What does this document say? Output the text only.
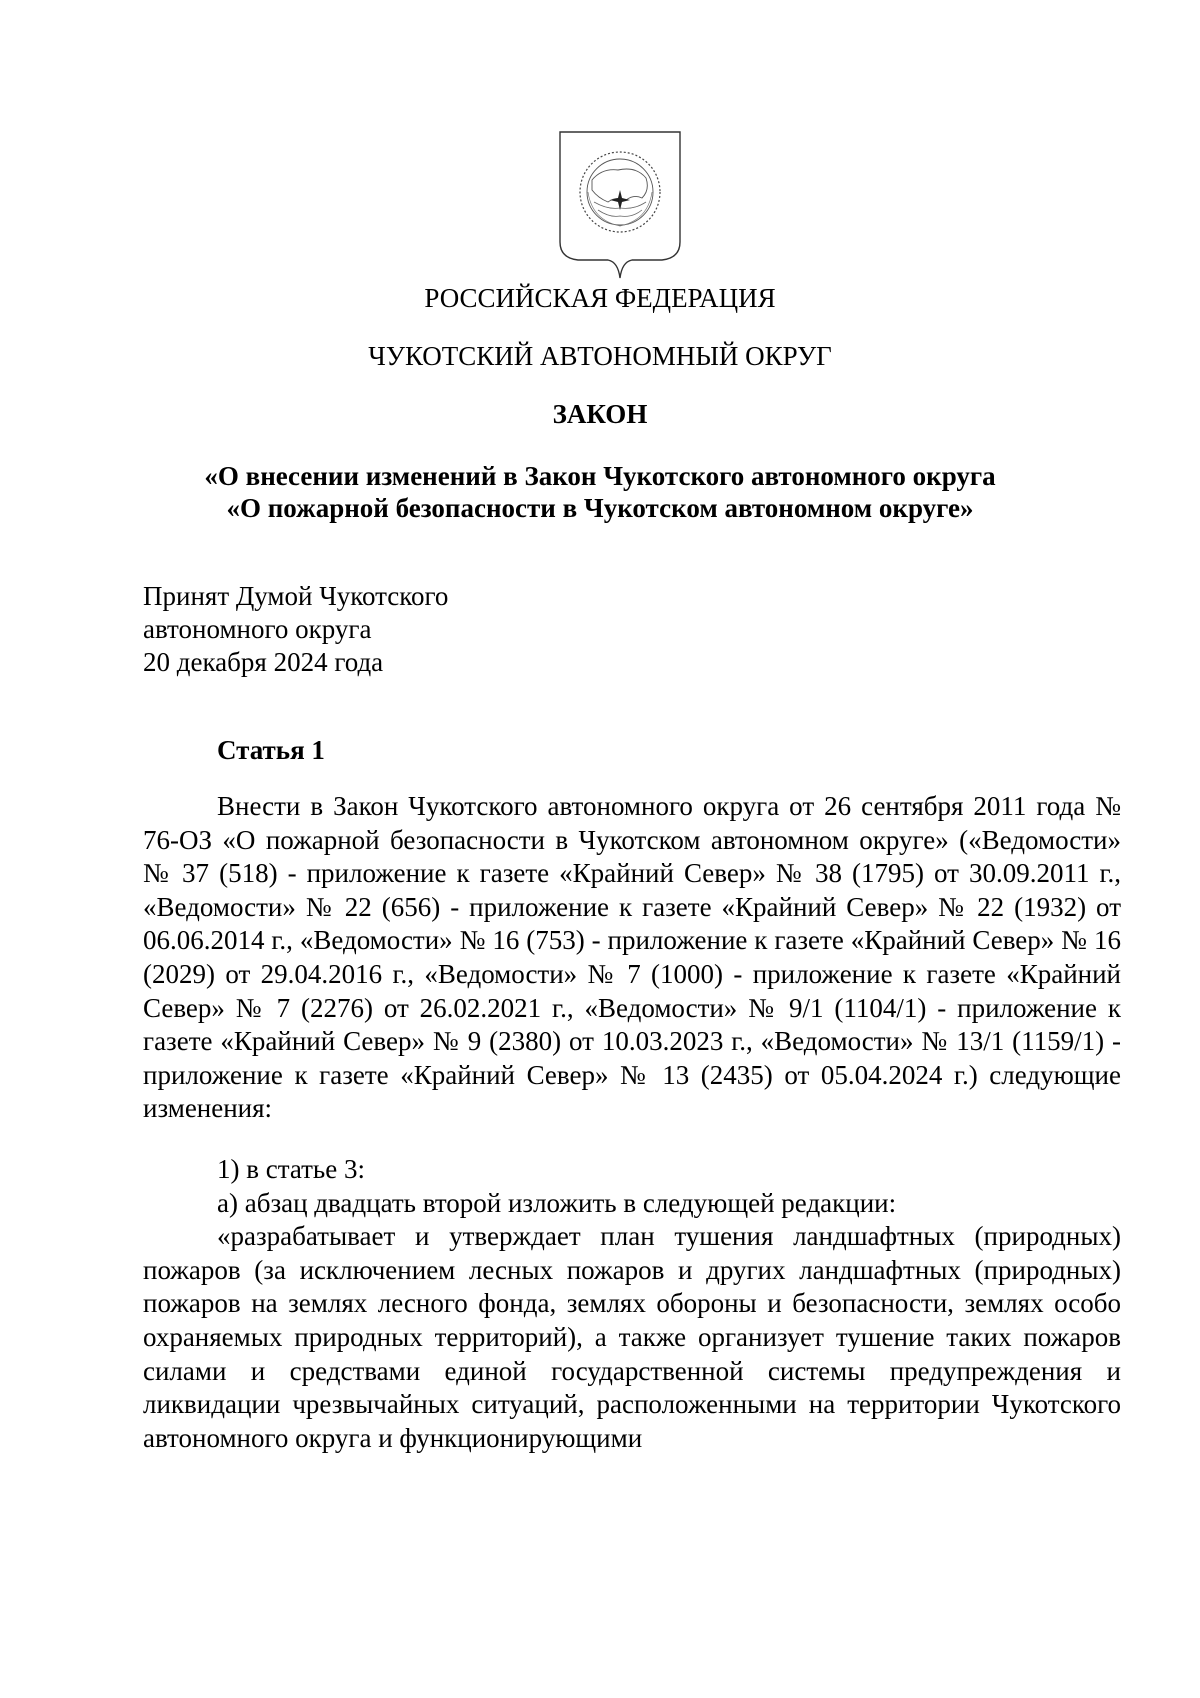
РОССИЙСКАЯ ФЕДЕРАЦИЯ
ЧУКОТСКИЙ АВТОНОМНЫЙ ОКРУГ
ЗАКОН
«О внесении изменений в Закон Чукотского автономного округа
«О пожарной безопасности в Чукотском автономном округе»
Принят Думой Чукотского
автономного округа
20 декабря 2024 года
Статья 1

Внести в Закон Чукотского автономного округа от 26 сентября 2011 года № 76-ОЗ «О пожарной безопасности в Чукотском автономном округе» («Ведомости» № 37 (518) - приложение к газете «Крайний Север» № 38 (1795) от 30.09.2011 г., «Ведомости» № 22 (656) - приложение к газете «Крайний Север» № 22 (1932) от 06.06.2014 г., «Ведомости» № 16 (753) - приложение к газете «Крайний Север» № 16 (2029) от 29.04.2016 г., «Ведомости» № 7 (1000) - приложение к газете «Крайний Север» № 7 (2276) от 26.02.2021 г., «Ведомости» № 9/1 (1104/1) - приложение к газете «Крайний Север» № 9 (2380) от 10.03.2023 г., «Ведомости» № 13/1 (1159/1) - приложение к газете «Крайний Север» № 13 (2435) от 05.04.2024 г.) следующие изменения:

1) в статье 3:

а) абзац двадцать второй изложить в следующей редакции:

«разрабатывает и утверждает план тушения ландшафтных (природных) пожаров (за исключением лесных пожаров и других ландшафтных (природных) пожаров на землях лесного фонда, землях обороны и безопасности, землях особо охраняемых природных территорий), а также организует тушение таких пожаров силами и средствами единой государственной системы предупреждения и ликвидации чрезвычайных ситуаций, расположенными на территории Чукотского автономного округа и функционирующими
